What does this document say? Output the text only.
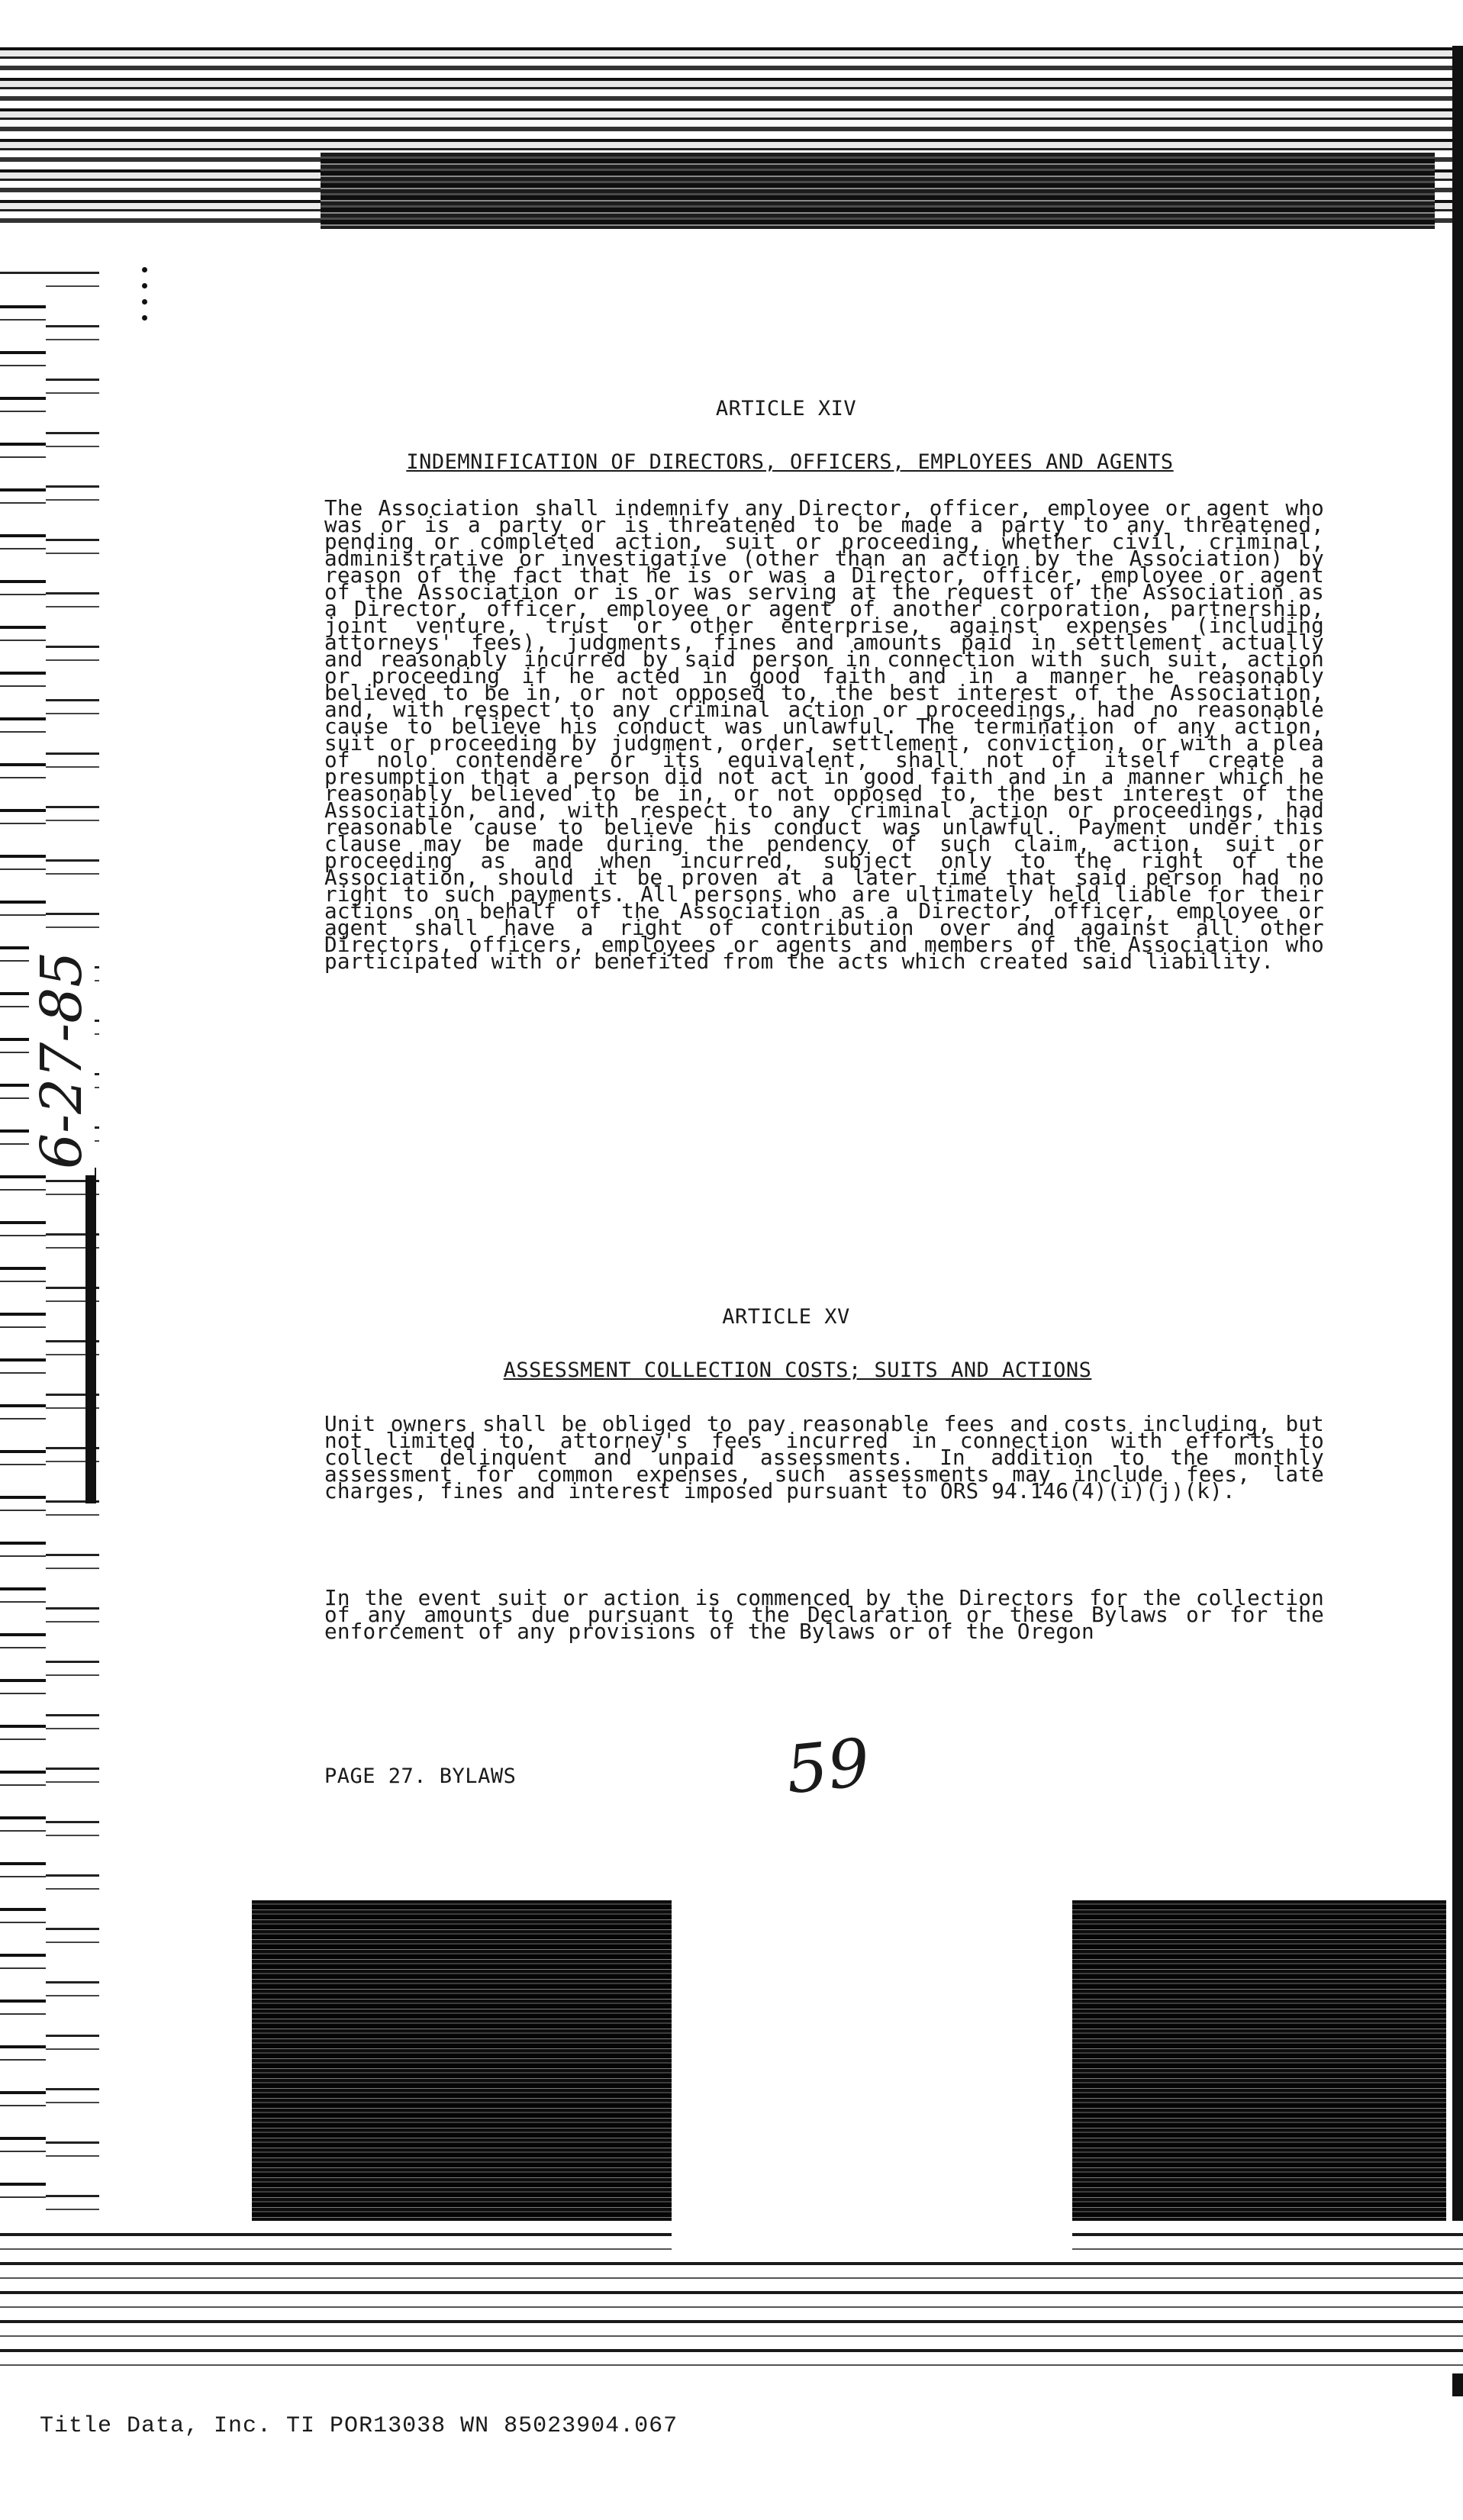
6-27-85
ARTICLE XIV
INDEMNIFICATION OF DIRECTORS, OFFICERS, EMPLOYEES AND AGENTS
The Association shall indemnify any Director, officer, employee or agent who was or is a party or is threatened to be made a party to any threatened, pending or completed action, suit or proceeding, whether civil, criminal, administrative or investigative (other than an action by the Association) by reason of the fact that he is or was a Director, officer, employee or agent of the Association or is or was serving at the request of the Association as a Director, officer, employee or agent of another corporation, partnership, joint venture, trust or other enterprise, against expenses (including attorneys' fees), judgments, fines and amounts paid in settlement actually and reasonably incurred by said person in connection with such suit, action or proceeding if he acted in good faith and in a manner he reasonably believed to be in, or not opposed to, the best interest of the Association, and, with respect to any criminal action or proceedings, had no reasonable cause to believe his conduct was unlawful. The termination of any action, suit or proceeding by judgment, order, settlement, conviction, or with a plea of nolo contendere or its equivalent, shall not of itself create a presumption that a person did not act in good faith and in a manner which he reasonably believed to be in, or not opposed to, the best interest of the Association, and, with respect to any criminal action or proceedings, had reasonable cause to believe his conduct was unlawful. Payment under this clause may be made during the pendency of such claim, action, suit or proceeding as and when incurred, subject only to the right of the Association, should it be proven at a later time that said person had no right to such payments. All persons who are ultimately held liable for their actions on behalf of the Association as a Director, officer, employee or agent shall have a right of contribution over and against all other Directors, officers, employees or agents and members of the Association who participated with or benefited from the acts which created said liability.
ARTICLE XV
ASSESSMENT COLLECTION COSTS; SUITS AND ACTIONS
Unit owners shall be obliged to pay reasonable fees and costs including, but not limited to, attorney's fees incurred in connection with efforts to collect delinquent and unpaid assessments. In addition to the monthly assessment for common expenses, such assessments may include fees, late charges, fines and interest imposed pursuant to ORS 94.146(4)(i)(j)(k).
In the event suit or action is commenced by the Directors for the collection of any amounts due pursuant to the Declaration or these Bylaws or for the enforcement of any provisions of the Bylaws or of the Oregon
PAGE 27. BYLAWS	59
Title Data, Inc. TI POR13038 WN 85023904.067
